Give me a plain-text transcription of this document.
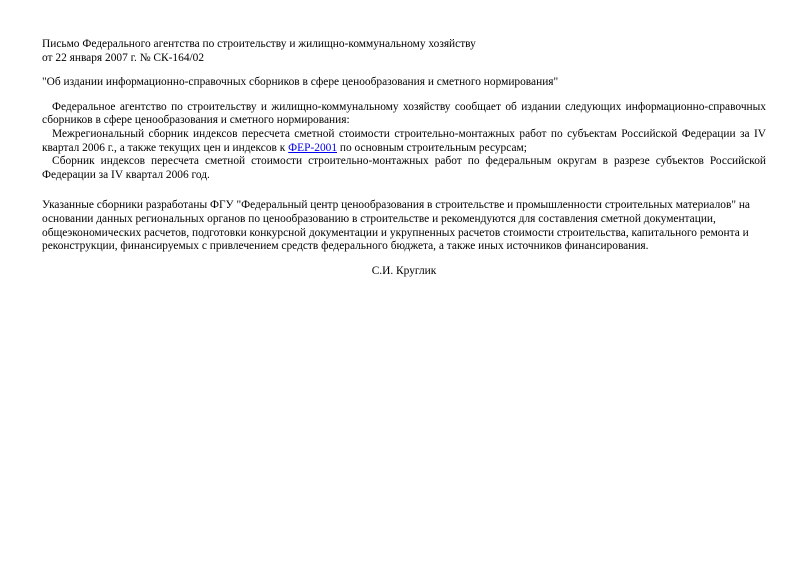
Письмо Федерального агентства по строительству и жилищно-коммунальному хозяйству

от 22 января 2007 г. № СК-164/02

"Об издании информационно-справочных сборников в сфере ценообразования и сметного нормирования"

Федеральное агентство по строительству и жилищно-коммунальному хозяйству сообщает об издании следующих информационно-справочных сборников в сфере ценообразования и сметного нормирования:

Межрегиональный сборник индексов пересчета сметной стоимости строительно-монтажных работ по субъектам Российской Федерации за IV квартал 2006 г., а также текущих цен и индексов к ФЕР-2001 по основным строительным ресурсам;

Сборник индексов пересчета сметной стоимости строительно-монтажных работ по федеральным округам в разрезе субъектов Российской Федерации за IV квартал 2006 год.

Указанные сборники разработаны ФГУ "Федеральный центр ценообразования в строительстве и промышленности строительных материалов" на основании данных региональных органов по ценообразованию в строительстве и рекомендуются для составления сметной документации, общеэкономических расчетов, подготовки конкурсной документации и укрупненных расчетов стоимости строительства, капитального ремонта и реконструкции, финансируемых с привлечением средств федерального бюджета, а также иных источников финансирования.

С.И. Круглик
